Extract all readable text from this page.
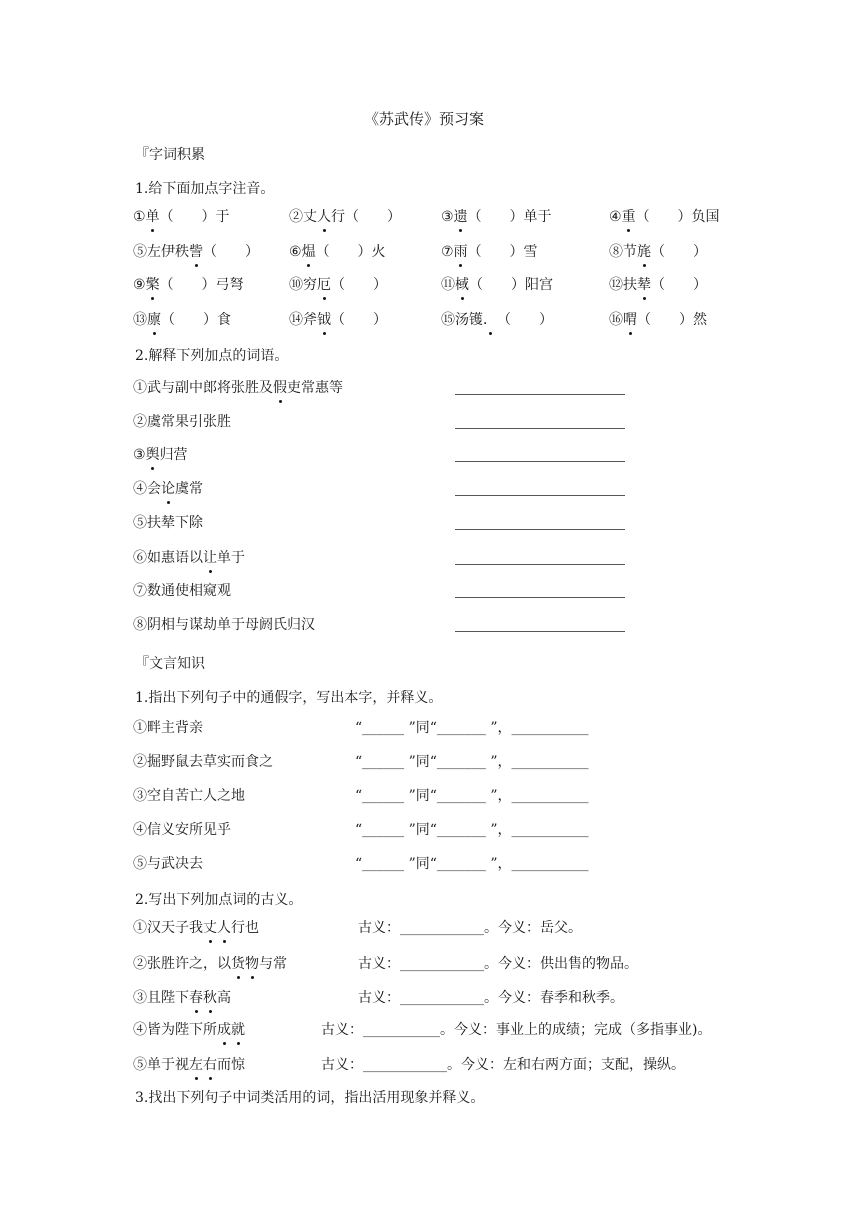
《苏武传》预习案
『字词积累
1.给下面加点字注音。
①单（　　）于	②丈人行（　　）	③遗（　　）单于	④重（　　）负国
⑤左伊秩訾（　　） ⑥煴（　　）火	⑦雨（　　）雪	⑧节旄（　　）
⑨檠（　　）弓弩	⑩穷厄（　　）	⑪棫（　　）阳宫	⑫扶辇（　　）
⑬廪（　　）食	⑭斧钺（　　）	⑮汤镬．（　　）	⑯喟（　　）然
2.解释下列加点的词语。
①武与副中郎将张胜及假吏常惠等
②虞常果引张胜
③舆归营
④会论虞常
⑤扶辇下除
⑥如惠语以让单于
⑦数通使相窥观
⑧阴相与谋劫单于母阏氏归汉
『文言知识
1.指出下列句子中的通假字，写出本字，并释义。
①畔主背亲	“______ ”同“_______ ”，___________
②掘野鼠去草实而食之	“______ ”同“_______ ”，___________
③空自苦亡人之地	“______ ”同“_______ ”，___________
④信义安所见乎	“______ ”同“_______ ”，___________
⑤与武决去	“______ ”同“_______ ”，___________
2.写出下列加点词的古义。
①汉天子我丈人行也	古义：____________。今义：岳父。
②张胜许之，以货物与常	古义：____________。今义：供出售的物品。
③且陛下春秋高	古义：____________。今义：春季和秋季。
④皆为陛下所成就	古义：___________。今义：事业上的成绩；完成（多指事业)。
⑤单于视左右而惊	古义：____________。今义：左和右两方面；支配，操纵。
3.找出下列句子中词类活用的词，指出活用现象并释义。
